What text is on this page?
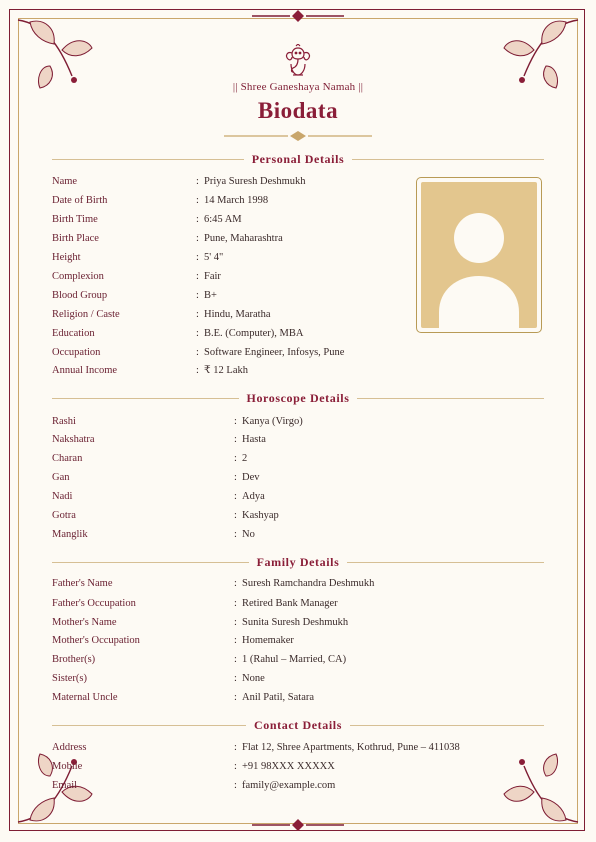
|| Shree Ganeshaya Namah ||
Biodata
Personal Details
Name	: Priya Suresh Deshmukh
Date of Birth	: 14 March 1998
Birth Time	: 6:45 AM
Birth Place	: Pune, Maharashtra
Height	: 5' 4"
Complexion	: Fair
Blood Group	: B+
Religion / Caste	: Hindu, Maratha
Education	: B.E. (Computer), MBA
Occupation	: Software Engineer, Infosys, Pune
Annual Income	: ₹ 12 Lakh
Horoscope Details
Rashi	: Kanya (Virgo)
Nakshatra	: Hasta
Charan	: 2
Gan	: Dev
Nadi	: Adya
Gotra	: Kashyap
Manglik	: No
Family Details
Father's Name	: Suresh Ramchandra Deshmukh
Father's Occupation	: Retired Bank Manager
Mother's Name	: Sunita Suresh Deshmukh
Mother's Occupation	: Homemaker
Brother(s)	: 1 (Rahul – Married, CA)
Sister(s)	: None
Maternal Uncle	: Anil Patil, Satara
Contact Details
Address	: Flat 12, Shree Apartments, Kothrud, Pune – 411038
Mobile	: +91 98XXX XXXXX
Email	: family@example.com
